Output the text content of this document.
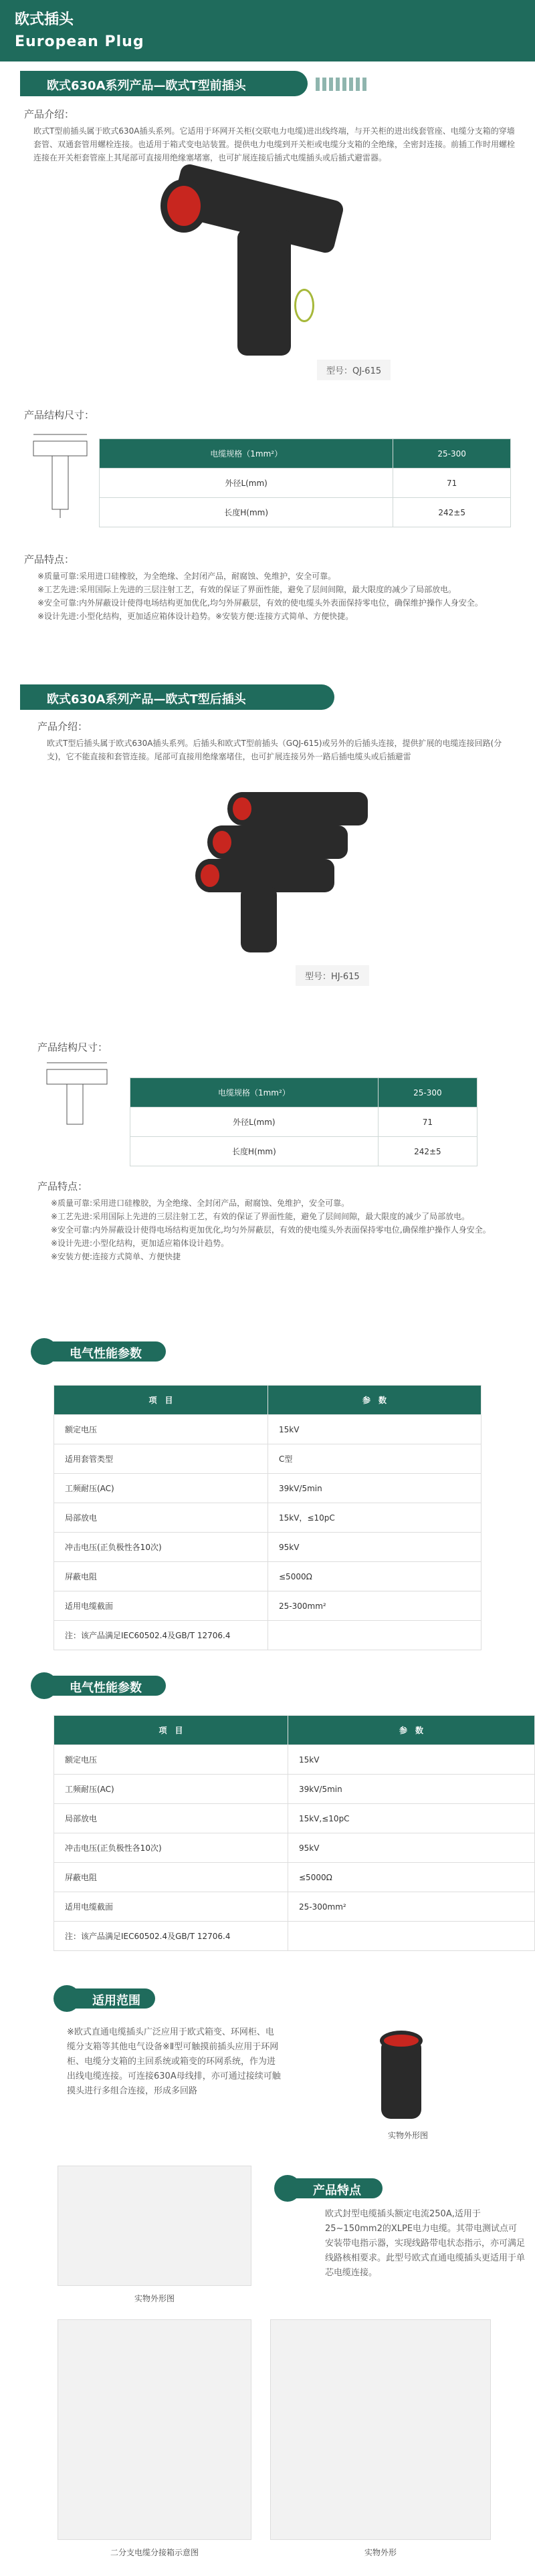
欧式插头
European Plug
欧式630A系列产品—欧式T型前插头
产品介绍：
欧式T型前插头属于欧式630A插头系列。它适用于环网开关柜(交联电力电缆)进出线终端，与开关柜的进出线套管座、电缆分支箱的穿墙套管、双通套管用螺栓连接。也适用于箱式变电站装置。提供电力电缆到开关柜或电缆分支箱的全绝缘，全密封连接。前插工作时用螺栓连接在开关柜套管座上其尾部可直接用绝缘塞堵塞，也可扩展连接后插式电缆插头或后插式避雷器。
型号：QJ-615
产品结构尺寸：
电缆规格（1mm²）	25-300
外径L(mm)	71
长度H(mm)	242±5
产品特点：
※质量可靠:采用进口硅橡胶，为全绝缘、全封闭产品，耐腐蚀、免维护，安全可靠。
※工艺先进:采用国际上先进的三层注射工艺，有效的保证了界面性能，避免了层间间隙，最大限度的减少了局部放电。
※安全可靠:内外屏蔽设计使得电场结构更加优化,均匀外屏蔽层，有效的使电缆头外表面保持零电位，确保维护操作人身安全。
※设计先进:小型化结构，更加适应箱体设计趋势。※安装方便:连接方式简单、方便快捷。
欧式630A系列产品—欧式T型后插头
产品介绍：
欧式T型后插头属于欧式630A插头系列。后插头和欧式T型前插头（GQJ-615)或另外的后插头连接，提供扩展的电缆连接回路(分支)，它不能直接和套管连接。尾部可直接用绝缘塞堵住，也可扩展连接另外一路后插电缆头或后插避雷
型号：HJ-615
产品结构尺寸：
电缆规格（1mm²）	25-300
外径L(mm)	71
长度H(mm)	242±5
产品特点：
※质量可靠:采用进口硅橡胶，为全绝缘、全封闭产品，耐腐蚀、免维护，安全可靠。
※工艺先进:采用国际上先进的三层注射工艺，有效的保证了界面性能，避免了层间间隙，最大限度的减少了局部放电。
※安全可靠:内外屏蔽设计使得电场结构更加优化,均匀外屏蔽层，有效的使电缆头外表面保持零电位,确保维护操作人身安全。
※设计先进:小型化结构，更加适应箱体设计趋势。
※安装方便:连接方式简单、方便快捷
电气性能参数
项　目	参　数
额定电压	15kV
适用套管类型	C型
工频耐压(AC)	39kV/5min
局部放电	15kV，≤10pC
冲击电压(正负极性各10次)	95kV
屏蔽电阻	≤5000Ω
适用电缆截面	25-300mm²
注：该产品满足IEC60502.4及GB/T 12706.4	
电气性能参数
项　目	参　数
额定电压	15kV
工频耐压(AC)	39kV/5min
局部放电	15kV,≤10pC
冲击电压(正负极性各10次)	95kV
屏蔽电阻	≤5000Ω
适用电缆截面	25-300mm²
注：该产品满足IEC60502.4及GB/T 12706.4	
适用范围
※欧式直通电缆插头广泛应用于欧式箱变、环网柜、电缆分支箱等其他电气设备※Ⅱ型可触摸前插头应用于环网柜、电缆分支箱的主回系统或箱变的环网系统，作为进出线电缆连接。可连接630A母线排，亦可通过接续可触摸头进行多组合连接，形成多回路
实物外形图
实物外形图
产品特点
欧式封型电缆插头额定电流250A,适用于25~150mm2的XLPE电力电缆。其带电测试点可安装带电指示器，实现线路带电状态指示，亦可满足线路核相要求。此型号欧式直通电缆插头更适用于单芯电缆连接。
二分支电缆分接箱示意图	实物外形
